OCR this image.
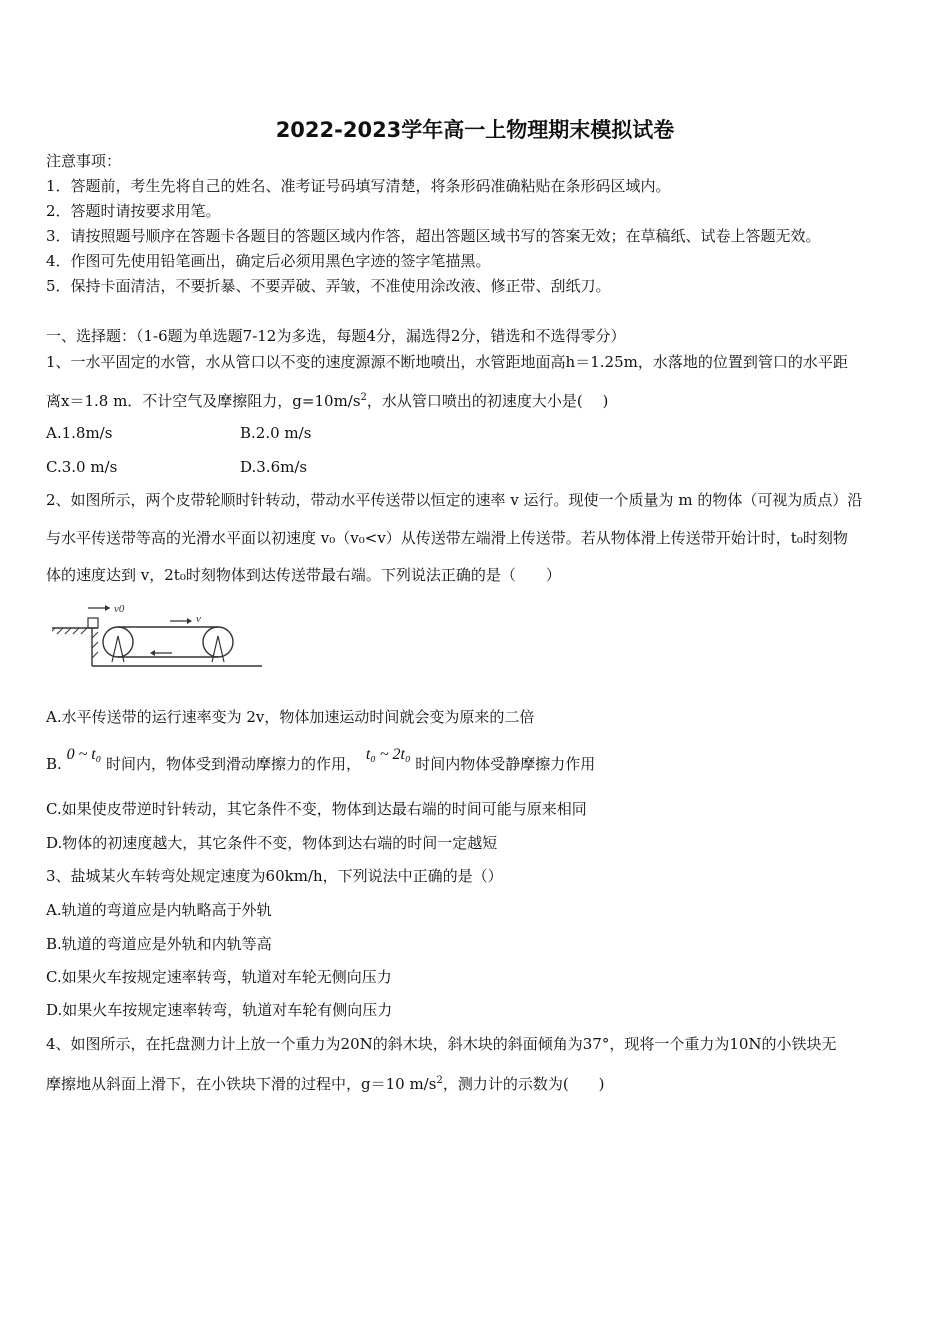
2022-2023学年高一上物理期末模拟试卷
注意事项：
1．答题前，考生先将自己的姓名、准考证号码填写清楚，将条形码准确粘贴在条形码区域内。
2．答题时请按要求用笔。
3．请按照题号顺序在答题卡各题目的答题区域内作答，超出答题区域书写的答案无效；在草稿纸、试卷上答题无效。
4．作图可先使用铅笔画出，确定后必须用黑色字迹的签字笔描黑。
5．保持卡面清洁，不要折暴、不要弄破、弄皱，不准使用涂改液、修正带、刮纸刀。
一、选择题：（1-6题为单选题7-12为多选，每题4分，漏选得2分，错选和不选得零分）
1、一水平固定的水管，水从管口以不变的速度源源不断地喷出，水管距地面高h＝1.25m，水落地的位置到管口的水平距
离x＝1.8 m．不计空气及摩擦阻力，$g=10m/s^2$，水从管口喷出的初速度大小是(　 )
A.1.8m/s	B.2.0 m/s
C.3.0 m/s	D.3.6m/s
2、如图所示，两个皮带轮顺时针转动，带动水平传送带以恒定的速率 v 运行。现使一个质量为 m 的物体（可视为质点）沿
与水平传送带等高的光滑水平面以初速度 v₀（v₀<v）从传送带左端滑上传送带。若从物体滑上传送带开始计时，t₀时刻物
体的速度达到 v，2t₀时刻物体到达传送带最右端。下列说法正确的是（　　）
v0
v
A.水平传送带的运行速率变为 2v，物体加速运动时间就会变为原来的二倍
B. 0 ~ t₀ 时间内，物体受到滑动摩擦力的作用， t₀ ~ 2t₀ 时间内物体受静摩擦力作用
C.如果使皮带逆时针转动，其它条件不变，物体到达最右端的时间可能与原来相同
D.物体的初速度越大，其它条件不变，物体到达右端的时间一定越短
3、盐城某火车转弯处规定速度为60km/h，下列说法中正确的是（）
A.轨道的弯道应是内轨略高于外轨
B.轨道的弯道应是外轨和内轨等高
C.如果火车按规定速率转弯，轨道对车轮无侧向压力
D.如果火车按规定速率转弯，轨道对车轮有侧向压力
4、如图所示，在托盘测力计上放一个重力为20N的斜木块，斜木块的斜面倾角为37°，现将一个重力为10N的小铁块无
摩擦地从斜面上滑下，在小铁块下滑的过程中，g＝10 $m/s^2$，测力计的示数为(　　)
